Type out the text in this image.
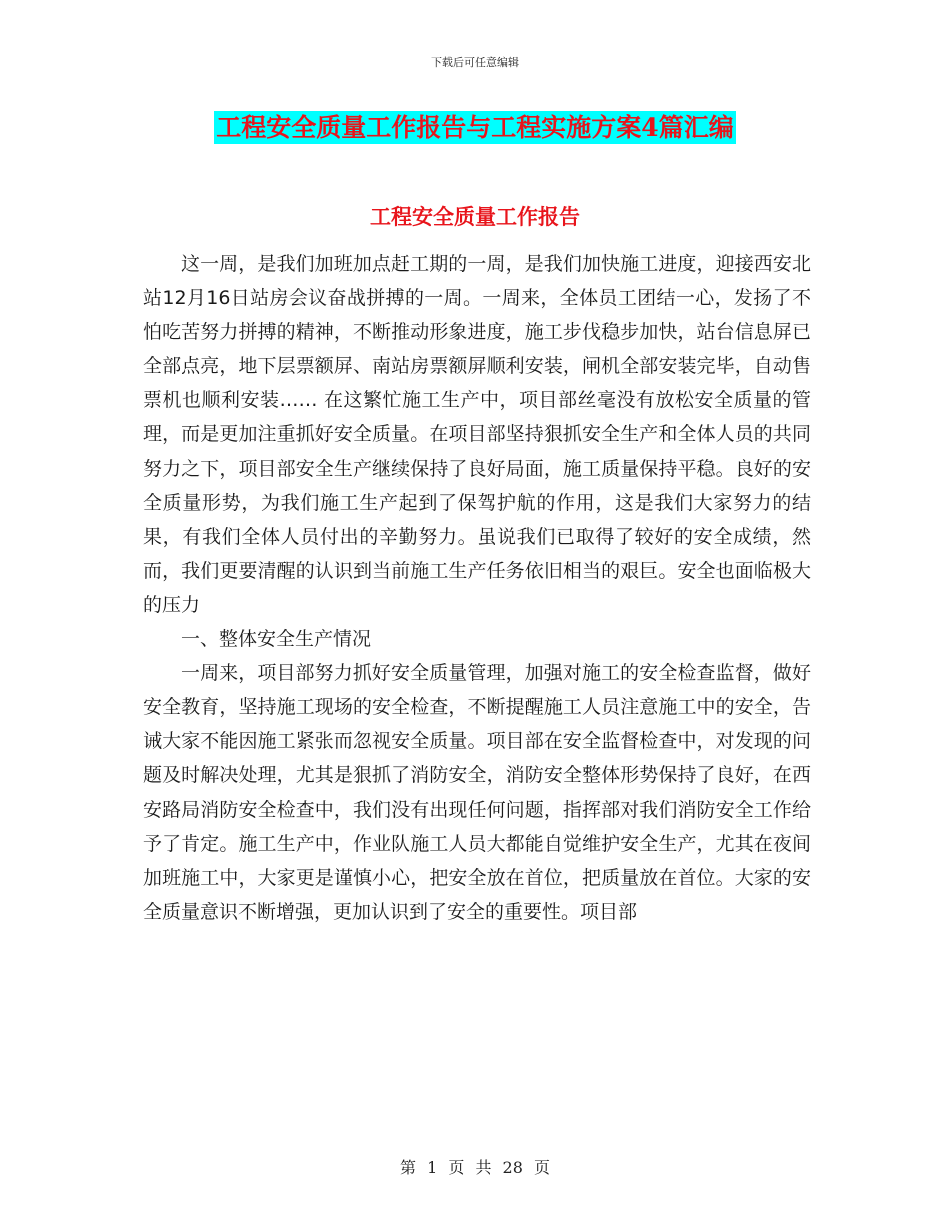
下载后可任意编辑
工程安全质量工作报告与工程实施方案4篇汇编
工程安全质量工作报告

这一周，是我们加班加点赶工期的一周，是我们加快施工进度，迎接西安北站12月16日站房会议奋战拼搏的一周。一周来，全体员工团结一心，发扬了不怕吃苦努力拼搏的精神，不断推动形象进度，施工步伐稳步加快，站台信息屏已全部点亮，地下层票额屏、南站房票额屏顺利安装，闸机全部安装完毕，自动售票机也顺利安装…… 在这繁忙施工生产中，项目部丝毫没有放松安全质量的管理，而是更加注重抓好安全质量。在项目部坚持狠抓安全生产和全体人员的共同努力之下，项目部安全生产继续保持了良好局面，施工质量保持平稳。良好的安全质量形势，为我们施工生产起到了保驾护航的作用，这是我们大家努力的结果，有我们全体人员付出的辛勤努力。虽说我们已取得了较好的安全成绩，然而，我们更要清醒的认识到当前施工生产任务依旧相当的艰巨。安全也面临极大的压力

一、整体安全生产情况

一周来，项目部努力抓好安全质量管理，加强对施工的安全检查监督，做好安全教育，坚持施工现场的安全检查，不断提醒施工人员注意施工中的安全，告诫大家不能因施工紧张而忽视安全质量。项目部在安全监督检查中，对发现的问题及时解决处理，尤其是狠抓了消防安全，消防安全整体形势保持了良好，在西安路局消防安全检查中，我们没有出现任何问题，指挥部对我们消防安全工作给予了肯定。施工生产中，作业队施工人员大都能自觉维护安全生产，尤其在夜间加班施工中，大家更是谨慎小心，把安全放在首位，把质量放在首位。大家的安全质量意识不断增强，更加认识到了安全的重要性。项目部

第 1 页 共 28 页
